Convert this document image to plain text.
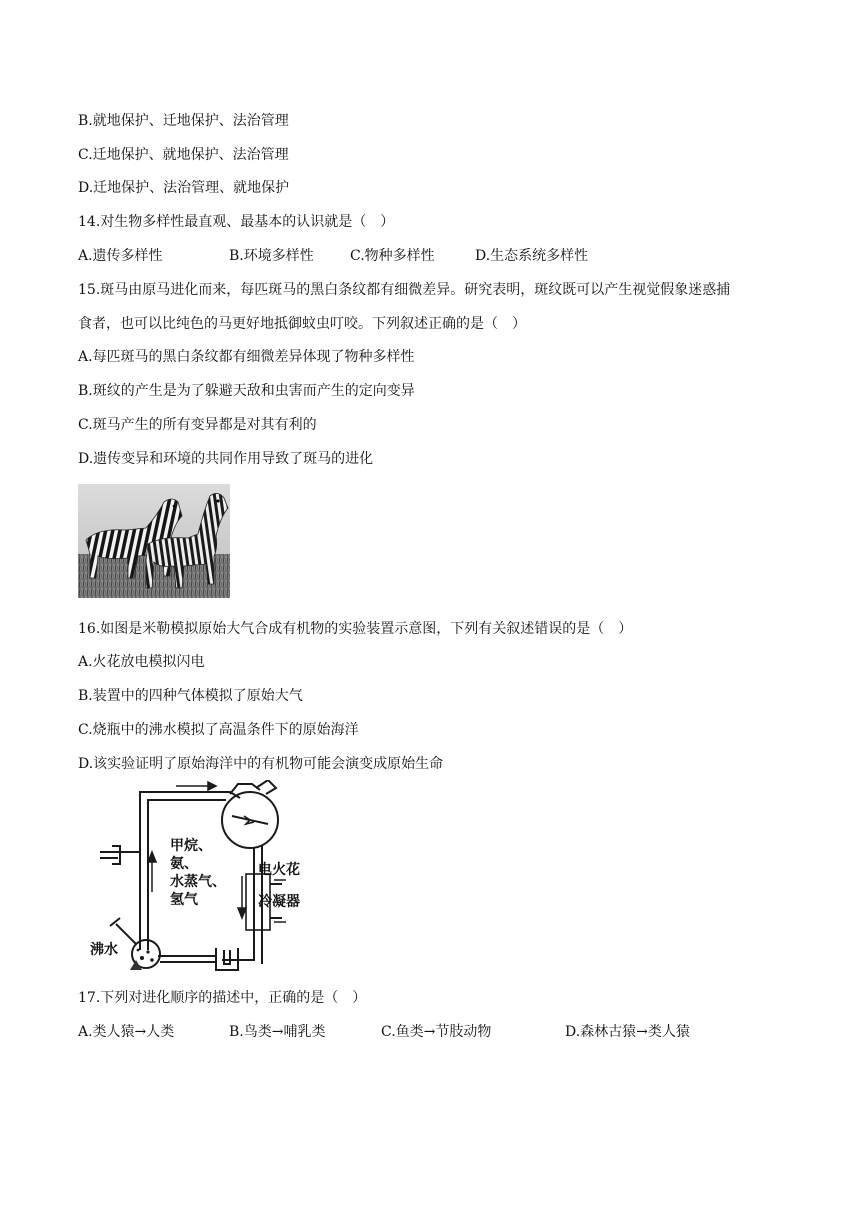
B.就地保护、迁地保护、法治管理
C.迁地保护、就地保护、法治管理
D.迁地保护、法治管理、就地保护
14.对生物多样性最直观、最基本的认识就是（　）
A.遗传多样性	B.环境多样性	C.物种多样性	D.生态系统多样性
15.斑马由原马进化而来，每匹斑马的黑白条纹都有细微差异。研究表明，斑纹既可以产生视觉假象迷惑捕
食者，也可以比纯色的马更好地抵御蚊虫叮咬。下列叙述正确的是（　）
A.每匹斑马的黑白条纹都有细微差异体现了物种多样性
B.斑纹的产生是为了躲避天敌和虫害而产生的定向变异
C.斑马产生的所有变异都是对其有利的
D.遗传变异和环境的共同作用导致了斑马的进化
16.如图是米勒模拟原始大气合成有机物的实验装置示意图，下列有关叙述错误的是（　）
A.火花放电模拟闪电
B.装置中的四种气体模拟了原始大气
C.烧瓶中的沸水模拟了高温条件下的原始海洋
D.该实验证明了原始海洋中的有机物可能会演变成原始生命
甲烷、
氨、
水蒸气、
氢气
电火花
冷凝器
沸水
17.下列对进化顺序的描述中，正确的是（　）
A.类人猿→人类	B.鸟类→哺乳类	C.鱼类→节肢动物	D.森林古猿→类人猿
